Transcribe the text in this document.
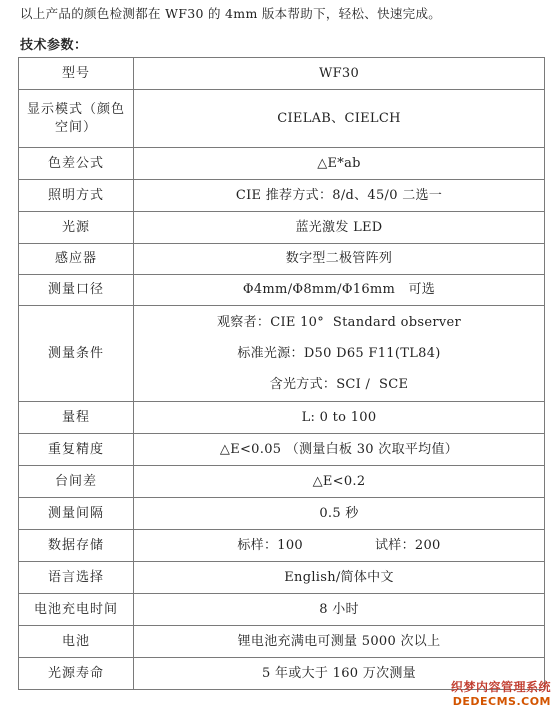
以上产品的颜色检测都在 WF30 的 4mm 版本帮助下，轻松、快速完成。
技术参数：
型号	WF30
显示模式（颜色空间）	CIELAB、CIELCH
色差公式	△E*ab
照明方式	CIE 推荐方式：8/d、45/0 二选一
光源	蓝光激发 LED
感应器	数字型二极管阵列
测量口径	Φ4mm/Φ8mm/Φ16mm   可选
测量条件	观察者：CIE 10°  Standard observer
标准光源：D50 D65 F11(TL84)
含光方式：SCI /  SCE

量程	L: 0 to 100
重复精度	△E<0.05 （测量白板 30 次取平均值）
台间差	△E<0.2
测量间隔	0.5 秒
数据存储	标样：100 试样：200

语言选择	English/简体中文
电池充电时间	8 小时
电池	锂电池充满电可测量 5000 次以上
光源寿命	5 年或大于 160 万次测量
织梦内容管理系统
DEDECMS.COM
